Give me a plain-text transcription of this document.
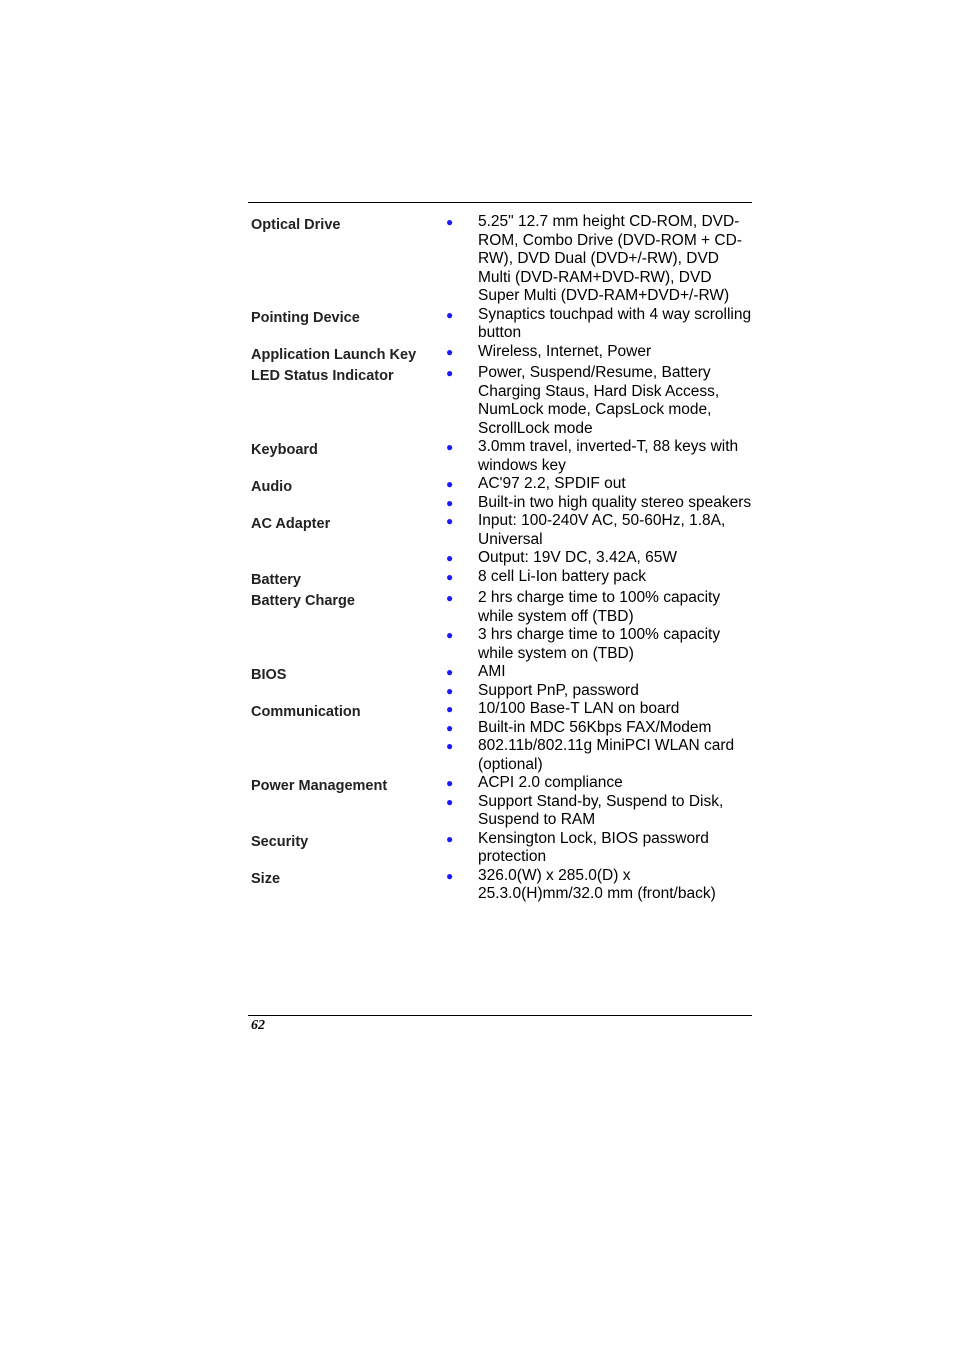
Optical Drive	●	5.25" 12.7 mm height CD-ROM, DVD-ROM, Combo Drive (DVD-ROM + CD-RW), DVD Dual (DVD+/-RW), DVD Multi (DVD-RAM+DVD-RW), DVD Super Multi (DVD-RAM+DVD+/-RW)
Pointing Device	●	Synaptics touchpad with 4 way scrolling button
Application Launch Key	●	Wireless, Internet, Power
LED Status Indicator	●	Power, Suspend/Resume, Battery Charging Staus, Hard Disk Access, NumLock mode, CapsLock mode, ScrollLock mode
Keyboard	●	3.0mm travel, inverted-T, 88 keys with windows key
Audio	●	AC'97 2.2, SPDIF out
●	Built-in two high quality stereo speakers
AC Adapter	●	Input: 100-240V AC, 50-60Hz, 1.8A, Universal
●	Output: 19V DC, 3.42A, 65W
Battery	●	8 cell Li-Ion battery pack
Battery Charge	●	2 hrs charge time to 100% capacity while system off (TBD)
●	3 hrs charge time to 100% capacity while system on (TBD)
BIOS	●	AMI
●	Support PnP, password
Communication	●	10/100 Base-T LAN on board
●	Built-in MDC 56Kbps FAX/Modem
●	802.11b/802.11g MiniPCI WLAN card (optional)
Power Management	●	ACPI 2.0 compliance
●	Support Stand-by, Suspend to Disk, Suspend to RAM
Security	●	Kensington Lock, BIOS password protection
Size	●	326.0(W) x 285.0(D) x 25.3.0(H)mm/32.0 mm (front/back)
62
